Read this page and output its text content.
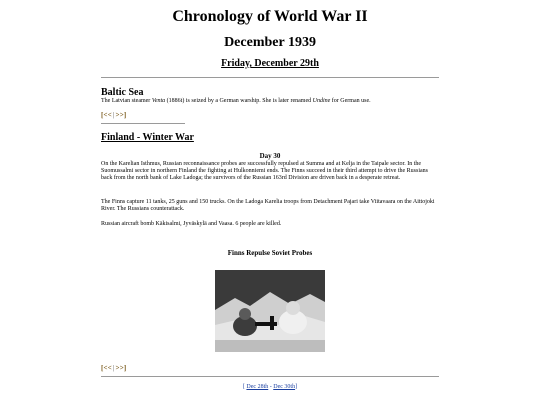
Chronology of World War II
December 1939
Friday, December 29th
Baltic Sea
The Latvian steamer Venta (1886t) is seized by a German warship. She is later renamed Undine for German use.
[<<|>>]
Finland - Winter War
Day 30
On the Karelian Isthmus, Russian reconnaissance probes are successfully repulsed at Summa and at Kelja in the Taipale sector. In the Suomussalmi sector in northern Finland the fighting at Hulkonniemi ends. The Finns succeed in their third attempt to drive the Russians back from the north bank of Lake Ladoga; the survivors of the Russian 163rd Division are driven back in a desperate retreat.
The Finns capture 11 tanks, 25 guns and 150 trucks. On the Ladoga Karelia troops from Detachment Pajari take Viitavaara on the Aittojoki River. The Russians counterattack.
Russian aircraft bomb Käkisalmi, Jyväskylä and Vaasa. 6 people are killed.
Finns Repulse Soviet Probes
[<<|>>]
[ Dec 28th - Dec 30th]
